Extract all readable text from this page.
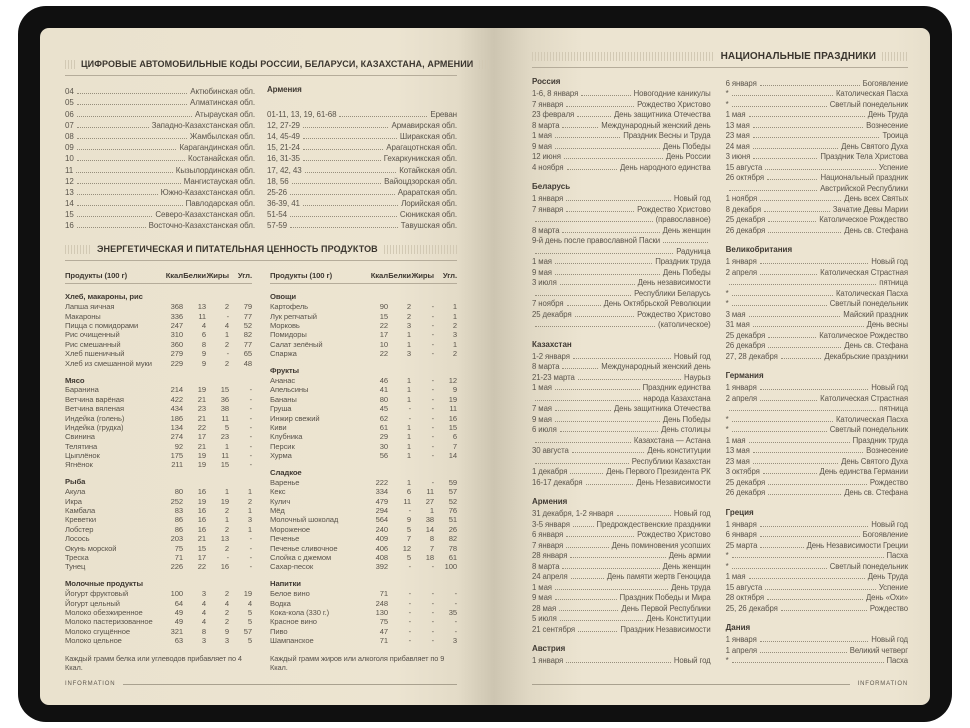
ЦИФРОВЫЕ АВТОМОБИЛЬНЫЕ КОДЫ РОССИИ, БЕЛАРУСИ, КАЗАХСТАНА, АРМЕНИИ
04	Актюбинская обл.
05	Алматинская обл.
06	Атырауская обл.
07	Западно-Казахстанская обл.
08	Жамбылская обл.
09	Карагандинская обл.
10	Костанайская обл.
11	Кызылординская обл.
12	Мангистауская обл.
13	Южно-Казахстанская обл.
14	Павлодарская обл.
15	Северо-Казахстанская обл.
16	Восточно-Казахстанская обл.
Армения
01-11, 13, 19, 61-68	Ереван
12, 27-29	Армавирская обл.
14, 45-49	Ширакская обл.
15, 21-24	Арагацотнская обл.
16, 31-35	Гехаркуникская обл.
17, 42, 43	Котайкская обл.
18, 56	Вайоцдзорская обл.
25-26	Араратская обл.
36-39, 41	Лорийская обл.
51-54	Сюникская обл.
57-59	Тавушская обл.
ЭНЕРГЕТИЧЕСКАЯ И ПИТАТЕЛЬНАЯ ЦЕННОСТЬ ПРОДУКТОВ
Продукты (100 г)	Ккал Белки Жиры	Угл.
Хлеб, макароны, рис
Лапша яичная	368	13	2	79
Макароны	336	11	-	77
Пицца с помидорами	247	4	4	52
Рис очищенный	310	6	1	82
Рис смешанный	360	8	2	77
Хлеб пшеничный	279	9	-	65
Хлеб из смешанной муки	229	9	2	48
Мясо
Баранина	214	19	15	-
Ветчина варёная	422	21	36	-
Ветчина вяленая	434	23	38	-
Индейка (голень)	186	21	11	-
Индейка (грудка)	134	22	5	-
Свинина	274	17	23	-
Телятина	92	21	1	-
Цыплёнок	175	19	11	-
Ягнёнок	211	19	15	-
Рыба
Акула	80	16	1	1
Икра	252	19	19	2
Камбала	83	16	2	1
Креветки	86	16	1	3
Лобстер	86	16	2	1
Лосось	203	21	13	-
Окунь морской	75	15	2	-
Треска	71	17	-	-
Тунец	226	22	16	-
Молочные продукты
Йогурт фруктовый	100	3	2	19
Йогурт цельный	64	4	4	4
Молоко обезжиренное	49	4	2	5
Молоко пастеризованное	49	4	2	5
Молоко сгущённое	321	8	9	57
Молоко цельное	63	3	3	5
Каждый грамм белка или углеводов прибавляет по 4 Ккал.
Продукты (100 г)	Ккал Белки Жиры	Угл.
Овощи
Картофель	90	2	-	1
Лук репчатый	15	2	-	1
Морковь	22	3	-	2
Помидоры	17	1	-	3
Салат зелёный	10	1	-	1
Спаржа	22	3	-	2
Фрукты
Ананас	46	1	-	12
Апельсины	41	1	-	9
Бананы	80	1	-	19
Груша	45	-	-	11
Инжир свежий	62	-	-	16
Киви	61	1	-	15
Клубника	29	1	-	6
Персик	30	1	-	7
Хурма	56	1	-	14
Сладкое
Варенье	222	1	-	59
Кекс	334	6	11	57
Кулич	479	11	27	52
Мёд	294	-	1	76
Молочный шоколад	564	9	38	51
Мороженое	240	5	14	26
Печенье	409	7	8	82
Печенье сливочное	406	12	7	78
Слойка с джемом	408	5	18	61
Сахар-песок	392	-	-	100
Напитки
Белое вино	71	-	-	-
Водка	248	-	-	-
Кока-кола (330 г.)	130	-	-	35
Красное вино	75	-	-	-
Пиво	47	-	-	-
Шампанское	71	-	-	3
Каждый грамм жиров или алкоголя прибавляет по 9 Ккал.
INFORMATION
НАЦИОНАЛЬНЫЕ ПРАЗДНИКИ
Россия
1-6, 8 января	Новогодние каникулы
7 января	Рождество Христово
23 февраля	День защитника Отечества
8 марта	Международный женский день
1 мая	Праздник Весны и Труда
9 мая	День Победы
12 июня	День России
4 ноября	День народного единства
Беларусь
1 января	Новый год
7 января	Рождество Христово
(православное)
8 марта	День женщин
9-й день после православной Паски
Радуница
1 мая	Праздник труда
9 мая	День Победы
3 июля	День независимости
Республики Беларусь
7 ноября	День Октябрьской Революции
25 декабря	Рождество Христово
(католическое)
Казахстан
1-2 января	Новый год
8 марта	Международный женский день
21-23 марта	Наурыз
1 мая	Праздник единства
народа Казахстана
7 мая	День защитника Отечества
9 мая	День Победы
6 июля	День столицы
Казахстана — Астана
30 августа	День конституции
Республики Казахстан
1 декабря	День Первого Президента РК
16-17 декабря	День Независимости
Армения
31 декабря, 1-2 января	Новый год
3-5 января	Предрождественские праздники
6 января	Рождество Христово
7 января	День поминовения усопших
28 января	День армии
8 марта	День женщин
24 апреля	День памяти жертв Геноцида
1 мая	День труда
9 мая	Праздник Победы и Мира
28 мая	День Первой Республики
5 июля	День Конституции
21 сентября	Праздник Независимости
Австрия
1 января	Новый год
6 января	Богоявление
*	Католическая Пасха
*	Светлый понедельник
1 мая	День Труда
13 мая	Вознесение
23 мая	Троица
24 мая	День Святого Духа
3 июня	Праздник Тела Христова
15 августа	Успение
26 октября	Национальный праздник
Австрийской Республики
1 ноября	День всех Святых
8 декабря	Зачатие Девы Марии
25 декабря	Католическое Рождество
26 декабря	День св. Стефана
Великобритания
1 января	Новый год
2 апреля	Католическая Страстная
пятница
*	Католическая Пасха
*	Светлый понедельник
3 мая	Майский праздник
31 мая	День весны
25 декабря	Католическое Рождество
26 декабря	День св. Стефана
27, 28 декабря	Декабрьские праздники
Германия
1 января	Новый год
2 апреля	Католическая Страстная
пятница
*	Католическая Пасха
*	Светлый понедельник
1 мая	Праздник труда
13 мая	Вознесение
23 мая	День Святого Духа
3 октября	День единства Германии
25 декабря	Рождество
26 декабря	День св. Стефана
Греция
1 января	Новый год
6 января	Богоявление
25 марта	День Независимости Греции
*	Пасха
*	Светлый понедельник
1 мая	День Труда
15 августа	Успение
28 октября	День «Охи»
25, 26 декабря	Рождество
Дания
1 января	Новый год
1 апреля	Великий четверг
*	Пасха
INFORMATION
